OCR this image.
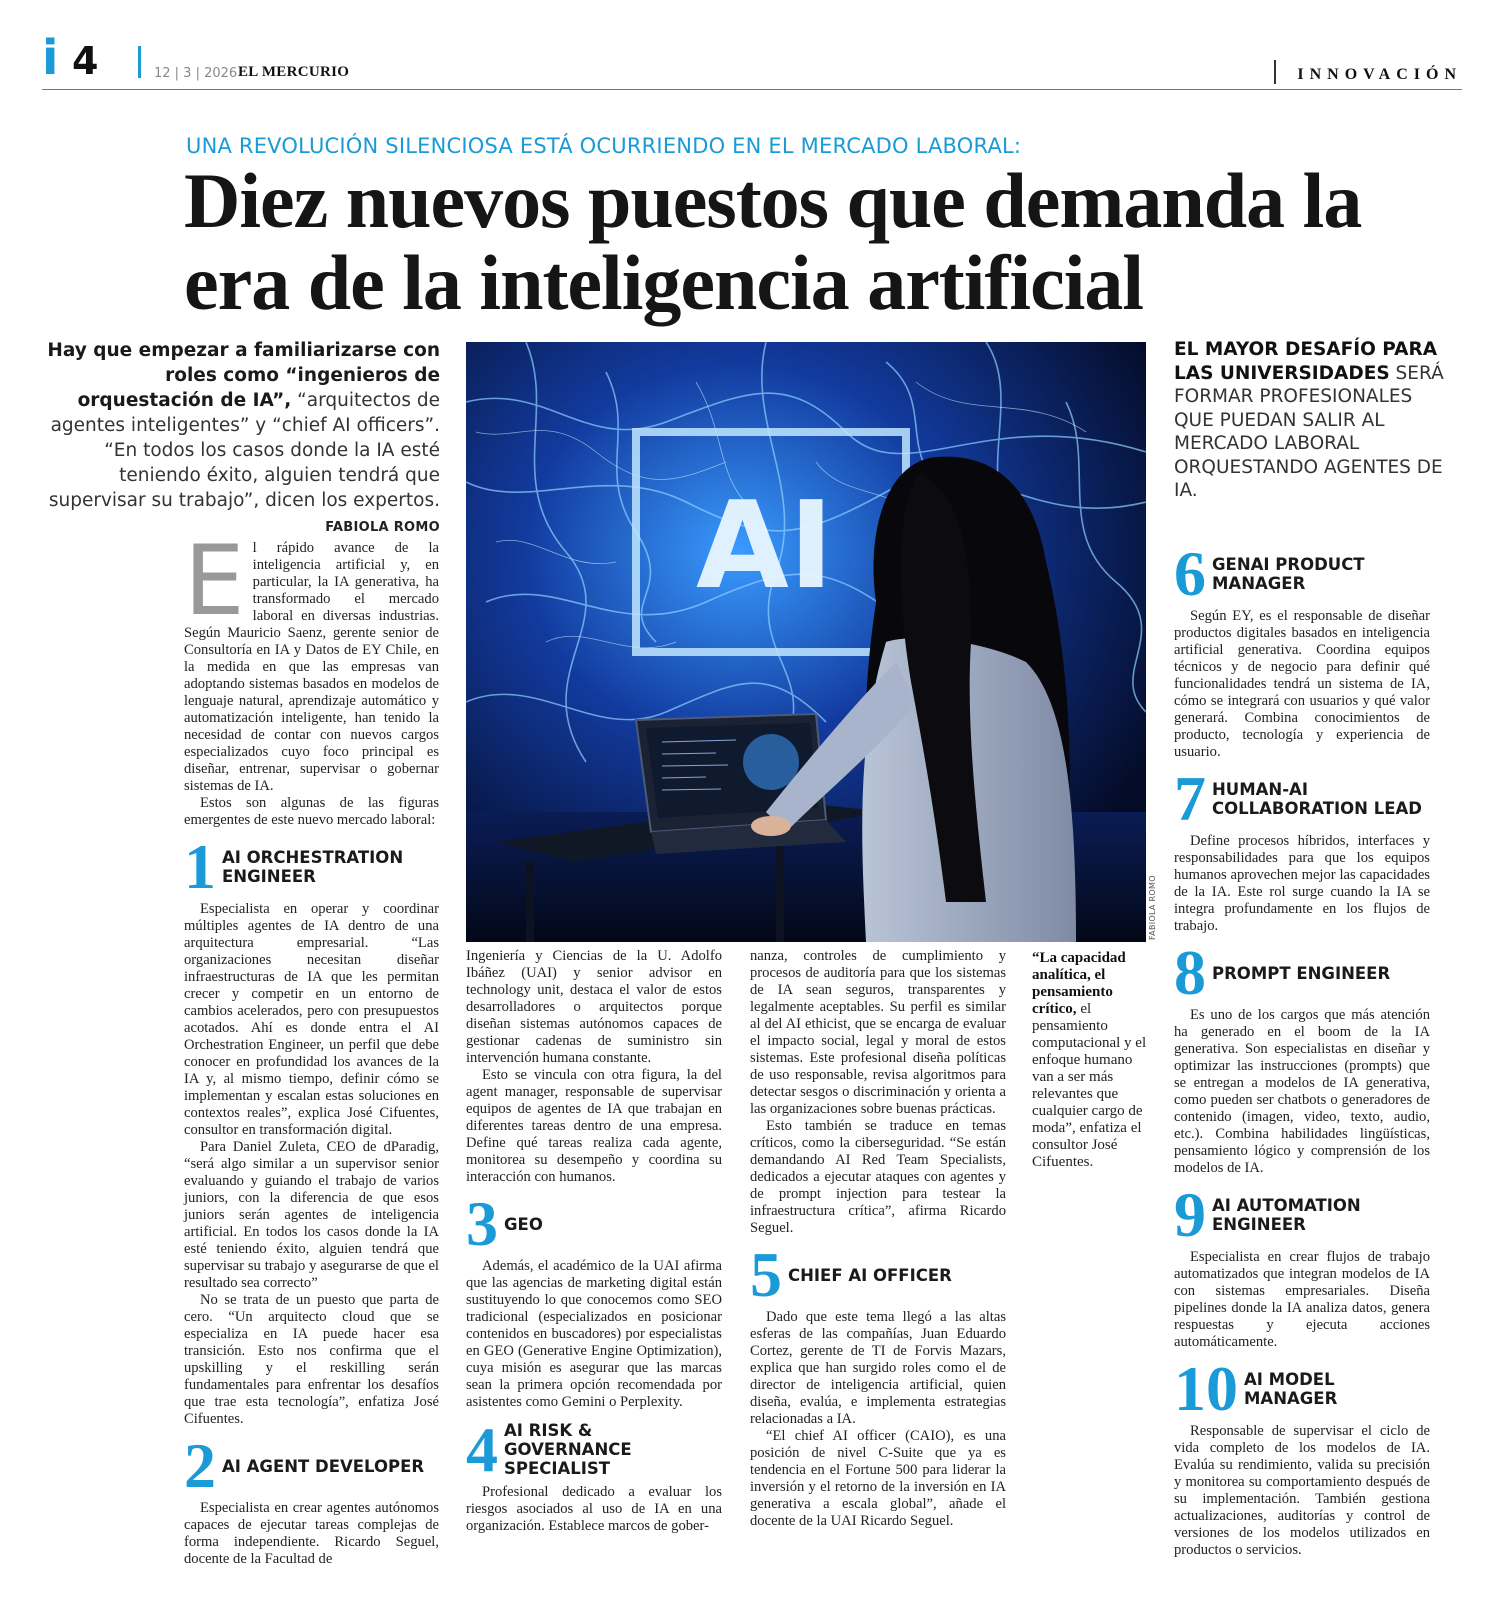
i 4	12 | 3 | 2026 EL MERCURIO	INNOVACIÓN
UNA REVOLUCIÓN SILENCIOSA ESTÁ OCURRIENDO EN EL MERCADO LABORAL:
Diez nuevos puestos que demanda la era de la inteligencia artificial
Hay que empezar a familiarizarse con roles como “ingenieros de orquestación de IA”, “arquitectos de agentes inteligentes” y “chief AI officers”. “En todos los casos donde la IA esté teniendo éxito, alguien tendrá que supervisar su trabajo”, dicen los expertos. FABIOLA ROMO AI
FABIOLA ROMO
E l rápido avance de la inteligencia artificial y, en particular, la IA generativa, ha transformado el mercado laboral en diversas industrias. Según Mauricio Saenz, gerente senior de Consultoría en IA y Datos de EY Chile, en la medida en que las empresas van adoptando sistemas basados en modelos de lenguaje natural, aprendizaje automático y automatización inteligente, han tenido la necesidad de contar con nuevos cargos especializados cuyo foco principal es diseñar, entrenar, supervisar o gobernar sistemas de IA.

Estos son algunas de las figuras emergentes de este nuevo mercado laboral:

1 AI ORCHESTRATION ENGINEER

Especialista en operar y coordinar múltiples agentes de IA dentro de una arquitectura empresarial. “Las organizaciones necesitan diseñar infraestructuras de IA que les permitan crecer y competir en un entorno de cambios acelerados, pero con presupuestos acotados. Ahí es donde entra el AI Orchestration Engineer, un perfil que debe conocer en profundidad los avances de la IA y, al mismo tiempo, definir cómo se implementan y escalan estas soluciones en contextos reales”, explica José Cifuentes, consultor en transformación digital.

Para Daniel Zuleta, CEO de dParadig, “será algo similar a un supervisor senior evaluando y guiando el trabajo de varios juniors, con la diferencia de que esos juniors serán agentes de inteligencia artificial. En todos los casos donde la IA esté teniendo éxito, alguien tendrá que supervisar su trabajo y asegurarse de que el resultado sea correcto”

No se trata de un puesto que parta de cero. “Un arquitecto cloud que se especializa en IA puede hacer esa transición. Esto nos confirma que el upskilling y el reskilling serán fundamentales para enfrentar los desafíos que trae esta tecnología”, enfatiza José Cifuentes.

2 AI AGENT DEVELOPER

Especialista en crear agentes autónomos capaces de ejecutar tareas complejas de forma independiente. Ricardo Seguel, docente de la Facultad de

Ingeniería y Ciencias de la U. Adolfo Ibáñez (UAI) y senior advisor en technology unit, destaca el valor de estos desarrolladores o arquitectos porque diseñan sistemas autónomos capaces de gestionar cadenas de suministro sin intervención humana constante.

Esto se vincula con otra figura, la del agent manager, responsable de supervisar equipos de agentes de IA que trabajan en diferentes tareas dentro de una empresa. Define qué tareas realiza cada agente, monitorea su desempeño y coordina su interacción con humanos.

3 GEO

Además, el académico de la UAI afirma que las agencias de marketing digital están sustituyendo lo que conocemos como SEO tradicional (especializados en posicionar contenidos en buscadores) por especialistas en GEO (Generative Engine Optimization), cuya misión es asegurar que las marcas sean la primera opción recomendada por asistentes como Gemini o Perplexity.

4 AI RISK & GOVERNANCE SPECIALIST

Profesional dedicado a evaluar los riesgos asociados al uso de IA en una organización. Establece marcos de gober-

nanza, controles de cumplimiento y procesos de auditoría para que los sistemas de IA sean seguros, transparentes y legalmente aceptables. Su perfil es similar al del AI ethicist, que se encarga de evaluar el impacto social, legal y moral de estos sistemas. Este profesional diseña políticas de uso responsable, revisa algoritmos para detectar sesgos o discriminación y orienta a las organizaciones sobre buenas prácticas.

Esto también se traduce en temas críticos, como la ciberseguridad. “Se están demandando AI Red Team Specialists, dedicados a ejecutar ataques con agentes y de prompt injection para testear la infraestructura crítica”, afirma Ricardo Seguel.

5 CHIEF AI OFFICER

Dado que este tema llegó a las altas esferas de las compañías, Juan Eduardo Cortez, gerente de TI de Forvis Mazars, explica que han surgido roles como el de director de inteligencia artificial, quien diseña, evalúa, e implementa estrategias relacionadas a IA.

“El chief AI officer (CAIO), es una posición de nivel C-Suite que ya es tendencia en el Fortune 500 para liderar la inversión y el retorno de la inversión en IA generativa a escala global”, añade el docente de la UAI Ricardo Seguel.

“La capacidad analítica, el pensamiento crítico, el pensamiento computacional y el enfoque humano van a ser más relevantes que cualquier cargo de moda”, enfatiza el consultor José Cifuentes.
EL MAYOR DESAFÍO PARA LAS UNIVERSIDADES SERÁ FORMAR PROFESIONALES QUE PUEDAN SALIR AL MERCADO LABORAL ORQUESTANDO AGENTES DE IA.
6 GENAI PRODUCT MANAGER

Según EY, es el responsable de diseñar productos digitales basados en inteligencia artificial generativa. Coordina equipos técnicos y de negocio para definir qué funcionalidades tendrá un sistema de IA, cómo se integrará con usuarios y qué valor generará. Combina conocimientos de producto, tecnología y experiencia de usuario.

7 HUMAN-AI COLLABORATION LEAD

Define procesos híbridos, interfaces y responsabilidades para que los equipos humanos aprovechen mejor las capacidades de la IA. Este rol surge cuando la IA se integra profundamente en los flujos de trabajo.

8 PROMPT ENGINEER

Es uno de los cargos que más atención ha generado en el boom de la IA generativa. Son especialistas en diseñar y optimizar las instrucciones (prompts) que se entregan a modelos de IA generativa, como pueden ser chatbots o generadores de contenido (imagen, video, texto, audio, etc.). Combina habilidades lingüísticas, pensamiento lógico y comprensión de los modelos de IA.

9 AI AUTOMATION ENGINEER

Especialista en crear flujos de trabajo automatizados que integran modelos de IA con sistemas empresariales. Diseña pipelines donde la IA analiza datos, genera respuestas y ejecuta acciones automáticamente.

10 AI MODEL MANAGER

Responsable de supervisar el ciclo de vida completo de los modelos de IA. Evalúa su rendimiento, valida su precisión y monitorea su comportamiento después de su implementación. También gestiona actualizaciones, auditorías y control de versiones de los modelos utilizados en productos o servicios.
